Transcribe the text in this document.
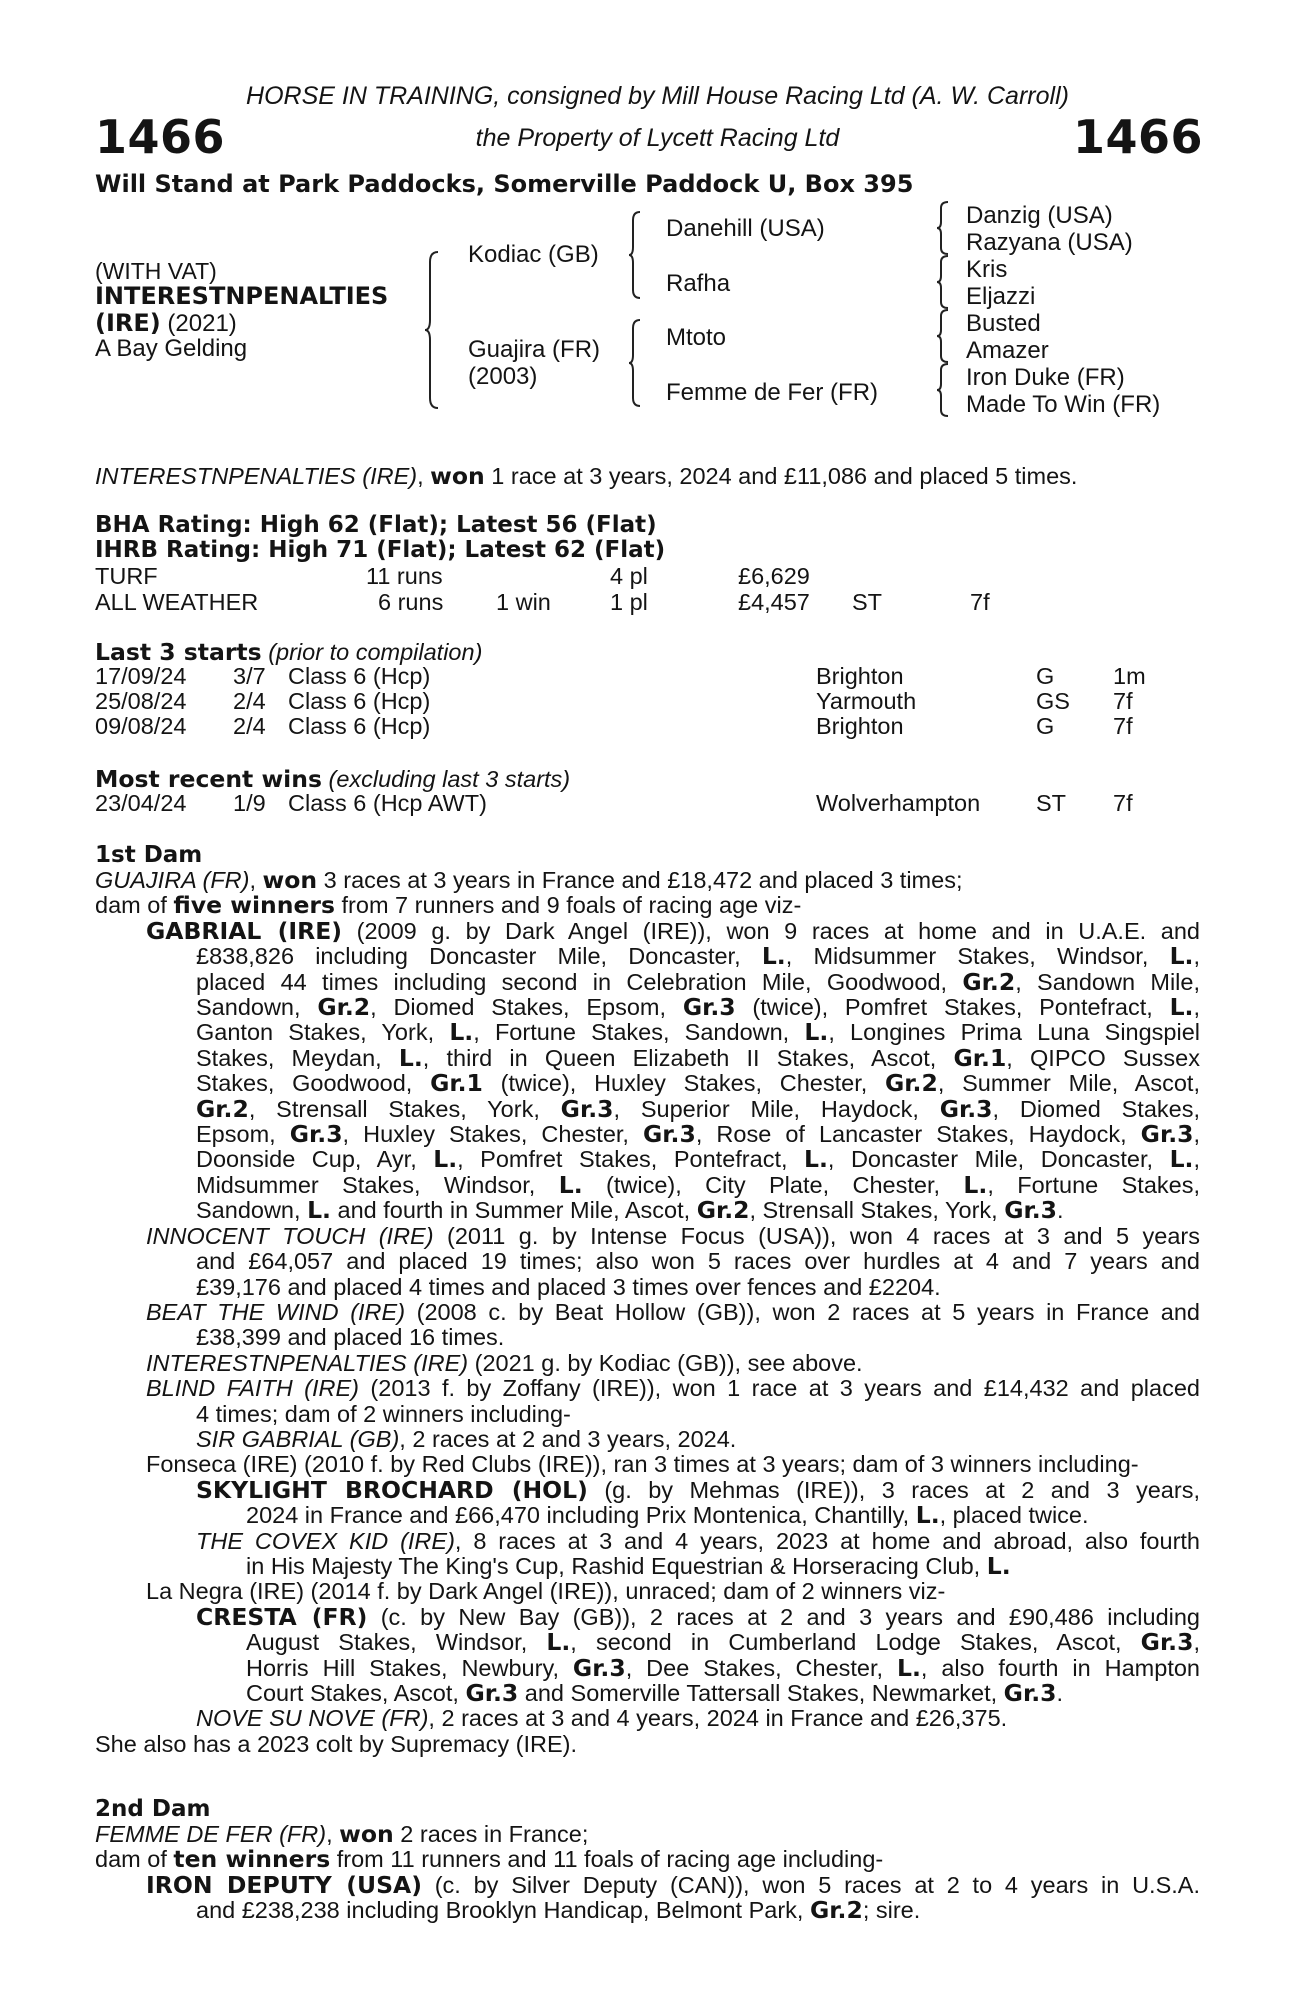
HORSE IN TRAINING, consigned by Mill House Racing Ltd (A. W. Carroll)
1466	the Property of Lycett Racing Ltd	1466
Will Stand at Park Paddocks, Somerville Paddock U, Box 395
(WITH VAT)
INTERESTNPENALTIES
(IRE) (2021)
A Bay Gelding
Kodiac (GB)
Guajira (FR)
(2003)
Danehill (USA)
Rafha
Mtoto
Femme de Fer (FR)
Danzig (USA)
Razyana (USA)
Kris
Eljazzi
Busted
Amazer
Iron Duke (FR)
Made To Win (FR)
INTERESTNPENALTIES (IRE), won 1 race at 3 years, 2024 and £11,086 and placed 5 times.
BHA Rating: High 62 (Flat); Latest 56 (Flat)
IHRB Rating: High 71 (Flat); Latest 62 (Flat)
TURF	11 runs	4 pl	£6,629
ALL WEATHER	6 runs 1 win	1 pl	£4,457 ST	7f
Last 3 starts (prior to compilation)
17/09/24 3/7 Class 6 (Hcp)	Brighton	G 1m
25/08/24 2/4 Class 6 (Hcp)	Yarmouth	GS 7f
09/08/24 2/4 Class 6 (Hcp)	Brighton	G 7f
Most recent wins (excluding last 3 starts)
23/04/24 1/9 Class 6 (Hcp AWT)	Wolverhampton ST 7f
1st Dam
GUAJIRA (FR), won 3 races at 3 years in France and £18,472 and placed 3 times;
dam of five winners from 7 runners and 9 foals of racing age viz-
GABRIAL (IRE) (2009 g. by Dark Angel (IRE)), won 9 races at home and in U.A.E. and
£838,826 including Doncaster Mile, Doncaster, L., Midsummer Stakes, Windsor, L.,
placed 44 times including second in Celebration Mile, Goodwood, Gr.2, Sandown Mile,
Sandown, Gr.2, Diomed Stakes, Epsom, Gr.3 (twice), Pomfret Stakes, Pontefract, L.,
Ganton Stakes, York, L., Fortune Stakes, Sandown, L., Longines Prima Luna Singspiel
Stakes, Meydan, L., third in Queen Elizabeth II Stakes, Ascot, Gr.1, QIPCO Sussex
Stakes, Goodwood, Gr.1 (twice), Huxley Stakes, Chester, Gr.2, Summer Mile, Ascot,
Gr.2, Strensall Stakes, York, Gr.3, Superior Mile, Haydock, Gr.3, Diomed Stakes,
Epsom, Gr.3, Huxley Stakes, Chester, Gr.3, Rose of Lancaster Stakes, Haydock, Gr.3,
Doonside Cup, Ayr, L., Pomfret Stakes, Pontefract, L., Doncaster Mile, Doncaster, L.,
Midsummer Stakes, Windsor, L. (twice), City Plate, Chester, L., Fortune Stakes,
Sandown, L. and fourth in Summer Mile, Ascot, Gr.2, Strensall Stakes, York, Gr.3.
INNOCENT TOUCH (IRE) (2011 g. by Intense Focus (USA)), won 4 races at 3 and 5 years
and £64,057 and placed 19 times; also won 5 races over hurdles at 4 and 7 years and
£39,176 and placed 4 times and placed 3 times over fences and £2204.
BEAT THE WIND (IRE) (2008 c. by Beat Hollow (GB)), won 2 races at 5 years in France and
£38,399 and placed 16 times.
INTERESTNPENALTIES (IRE) (2021 g. by Kodiac (GB)), see above.
BLIND FAITH (IRE) (2013 f. by Zoffany (IRE)), won 1 race at 3 years and £14,432 and placed
4 times; dam of 2 winners including-
SIR GABRIAL (GB), 2 races at 2 and 3 years, 2024.
Fonseca (IRE) (2010 f. by Red Clubs (IRE)), ran 3 times at 3 years; dam of 3 winners including-
SKYLIGHT BROCHARD (HOL) (g. by Mehmas (IRE)), 3 races at 2 and 3 years,
2024 in France and £66,470 including Prix Montenica, Chantilly, L., placed twice.
THE COVEX KID (IRE), 8 races at 3 and 4 years, 2023 at home and abroad, also fourth
in His Majesty The King's Cup, Rashid Equestrian & Horseracing Club, L.
La Negra (IRE) (2014 f. by Dark Angel (IRE)), unraced; dam of 2 winners viz-
CRESTA (FR) (c. by New Bay (GB)), 2 races at 2 and 3 years and £90,486 including
August Stakes, Windsor, L., second in Cumberland Lodge Stakes, Ascot, Gr.3,
Horris Hill Stakes, Newbury, Gr.3, Dee Stakes, Chester, L., also fourth in Hampton
Court Stakes, Ascot, Gr.3 and Somerville Tattersall Stakes, Newmarket, Gr.3.
NOVE SU NOVE (FR), 2 races at 3 and 4 years, 2024 in France and £26,375.
She also has a 2023 colt by Supremacy (IRE).
2nd Dam
FEMME DE FER (FR), won 2 races in France;
dam of ten winners from 11 runners and 11 foals of racing age including-
IRON DEPUTY (USA) (c. by Silver Deputy (CAN)), won 5 races at 2 to 4 years in U.S.A.
and £238,238 including Brooklyn Handicap, Belmont Park, Gr.2; sire.
